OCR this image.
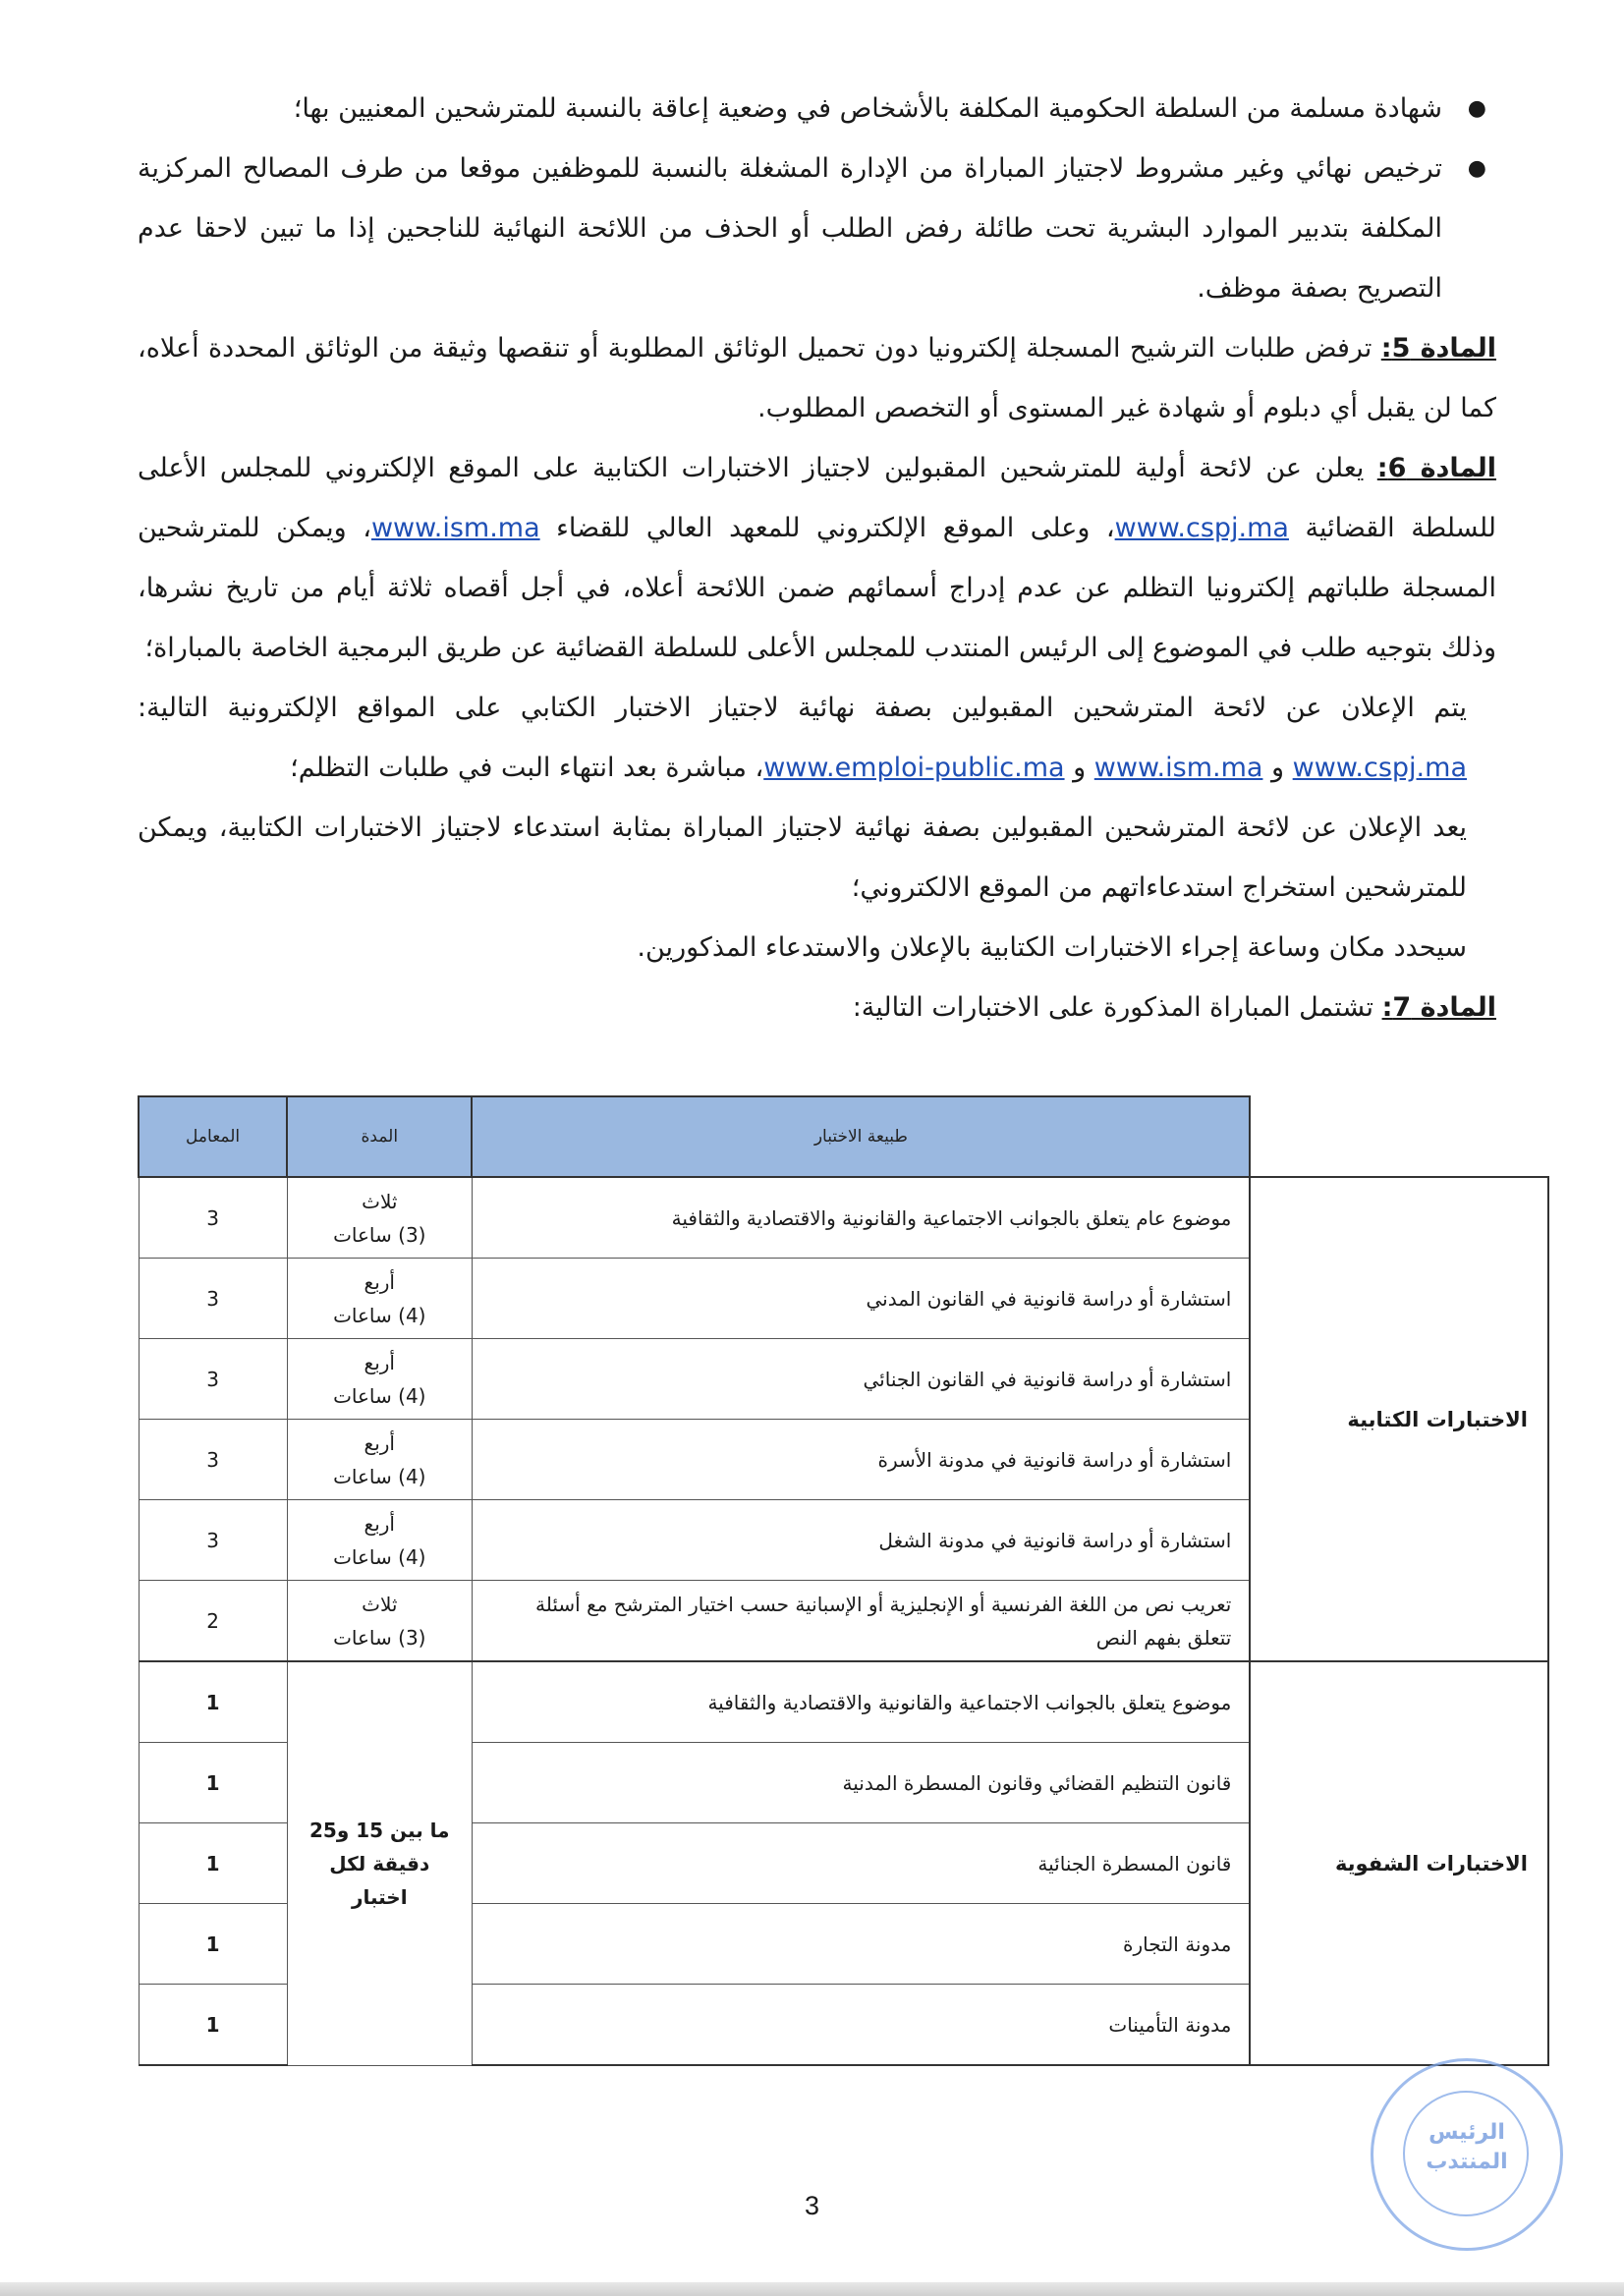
●
شهادة مسلمة من السلطة الحكومية المكلفة بالأشخاص في وضعية إعاقة بالنسبة للمترشحين المعنيين بها؛

●
ترخيص نهائي وغير مشروط لاجتياز المباراة من الإدارة المشغلة بالنسبة للموظفين موقعا من طرف المصالح المركزية المكلفة بتدبير الموارد البشرية تحت طائلة رفض الطلب أو الحذف من اللائحة النهائية للناجحين إذا ما تبين لاحقا عدم التصريح بصفة موظف.

المادة 5: ترفض طلبات الترشيح المسجلة إلكترونيا دون تحميل الوثائق المطلوبة أو تنقصها وثيقة من الوثائق المحددة أعلاه، كما لن يقبل أي دبلوم أو شهادة غير المستوى أو التخصص المطلوب.

المادة 6: يعلن عن لائحة أولية للمترشحين المقبولين لاجتياز الاختبارات الكتابية على الموقع الإلكتروني للمجلس الأعلى للسلطة القضائية www.cspj.ma، وعلى الموقع الإلكتروني للمعهد العالي للقضاء www.ism.ma، ويمكن للمترشحين المسجلة طلباتهم إلكترونيا التظلم عن عدم إدراج أسمائهم ضمن اللائحة أعلاه، في أجل أقصاه ثلاثة أيام من تاريخ نشرها، وذلك بتوجيه طلب في الموضوع إلى الرئيس المنتدب للمجلس الأعلى للسلطة القضائية عن طريق البرمجية الخاصة بالمباراة؛

يتم الإعلان عن لائحة المترشحين المقبولين بصفة نهائية لاجتياز الاختبار الكتابي على المواقع الإلكترونية التالية: www.cspj.ma و www.ism.ma و www.emploi-public.ma، مباشرة بعد انتهاء البت في طلبات التظلم؛

يعد الإعلان عن لائحة المترشحين المقبولين بصفة نهائية لاجتياز المباراة بمثابة استدعاء لاجتياز الاختبارات الكتابية، ويمكن للمترشحين استخراج استدعاءاتهم من الموقع الالكتروني؛

سيحدد مكان وساعة إجراء الاختبارات الكتابية بالإعلان والاستدعاء المذكورين.

المادة 7: تشتمل المباراة المذكورة على الاختبارات التالية:

	طبيعة الاختبار	المدة	المعامل
الاختبارات الكتابية	موضوع عام يتعلق بالجوانب الاجتماعية والقانونية والاقتصادية والثقافية	ثلاث
(3) ساعات	3
	استشارة أو دراسة قانونية في القانون المدني	أربع
(4) ساعات	3
	استشارة أو دراسة قانونية في القانون الجنائي	أربع
(4) ساعات	3
	استشارة أو دراسة قانونية في مدونة الأسرة	أربع
(4) ساعات	3
	استشارة أو دراسة قانونية في مدونة الشغل	أربع
(4) ساعات	3
	تعريب نص من اللغة الفرنسية أو الإنجليزية أو الإسبانية حسب اختيار المترشح مع أسئلة تتعلق بفهم النص	ثلاث
(3) ساعات	2
الاختبارات الشفوية	موضوع يتعلق بالجوانب الاجتماعية والقانونية والاقتصادية والثقافية	ما بين 15 و25
دقيقة لكل اختبار	1
	قانون التنظيم القضائي وقانون المسطرة المدنية		1
	قانون المسطرة الجنائية		1
	مدونة التجارة		1
	مدونة التأمينات		1
الرئيس
المنتدب
3
